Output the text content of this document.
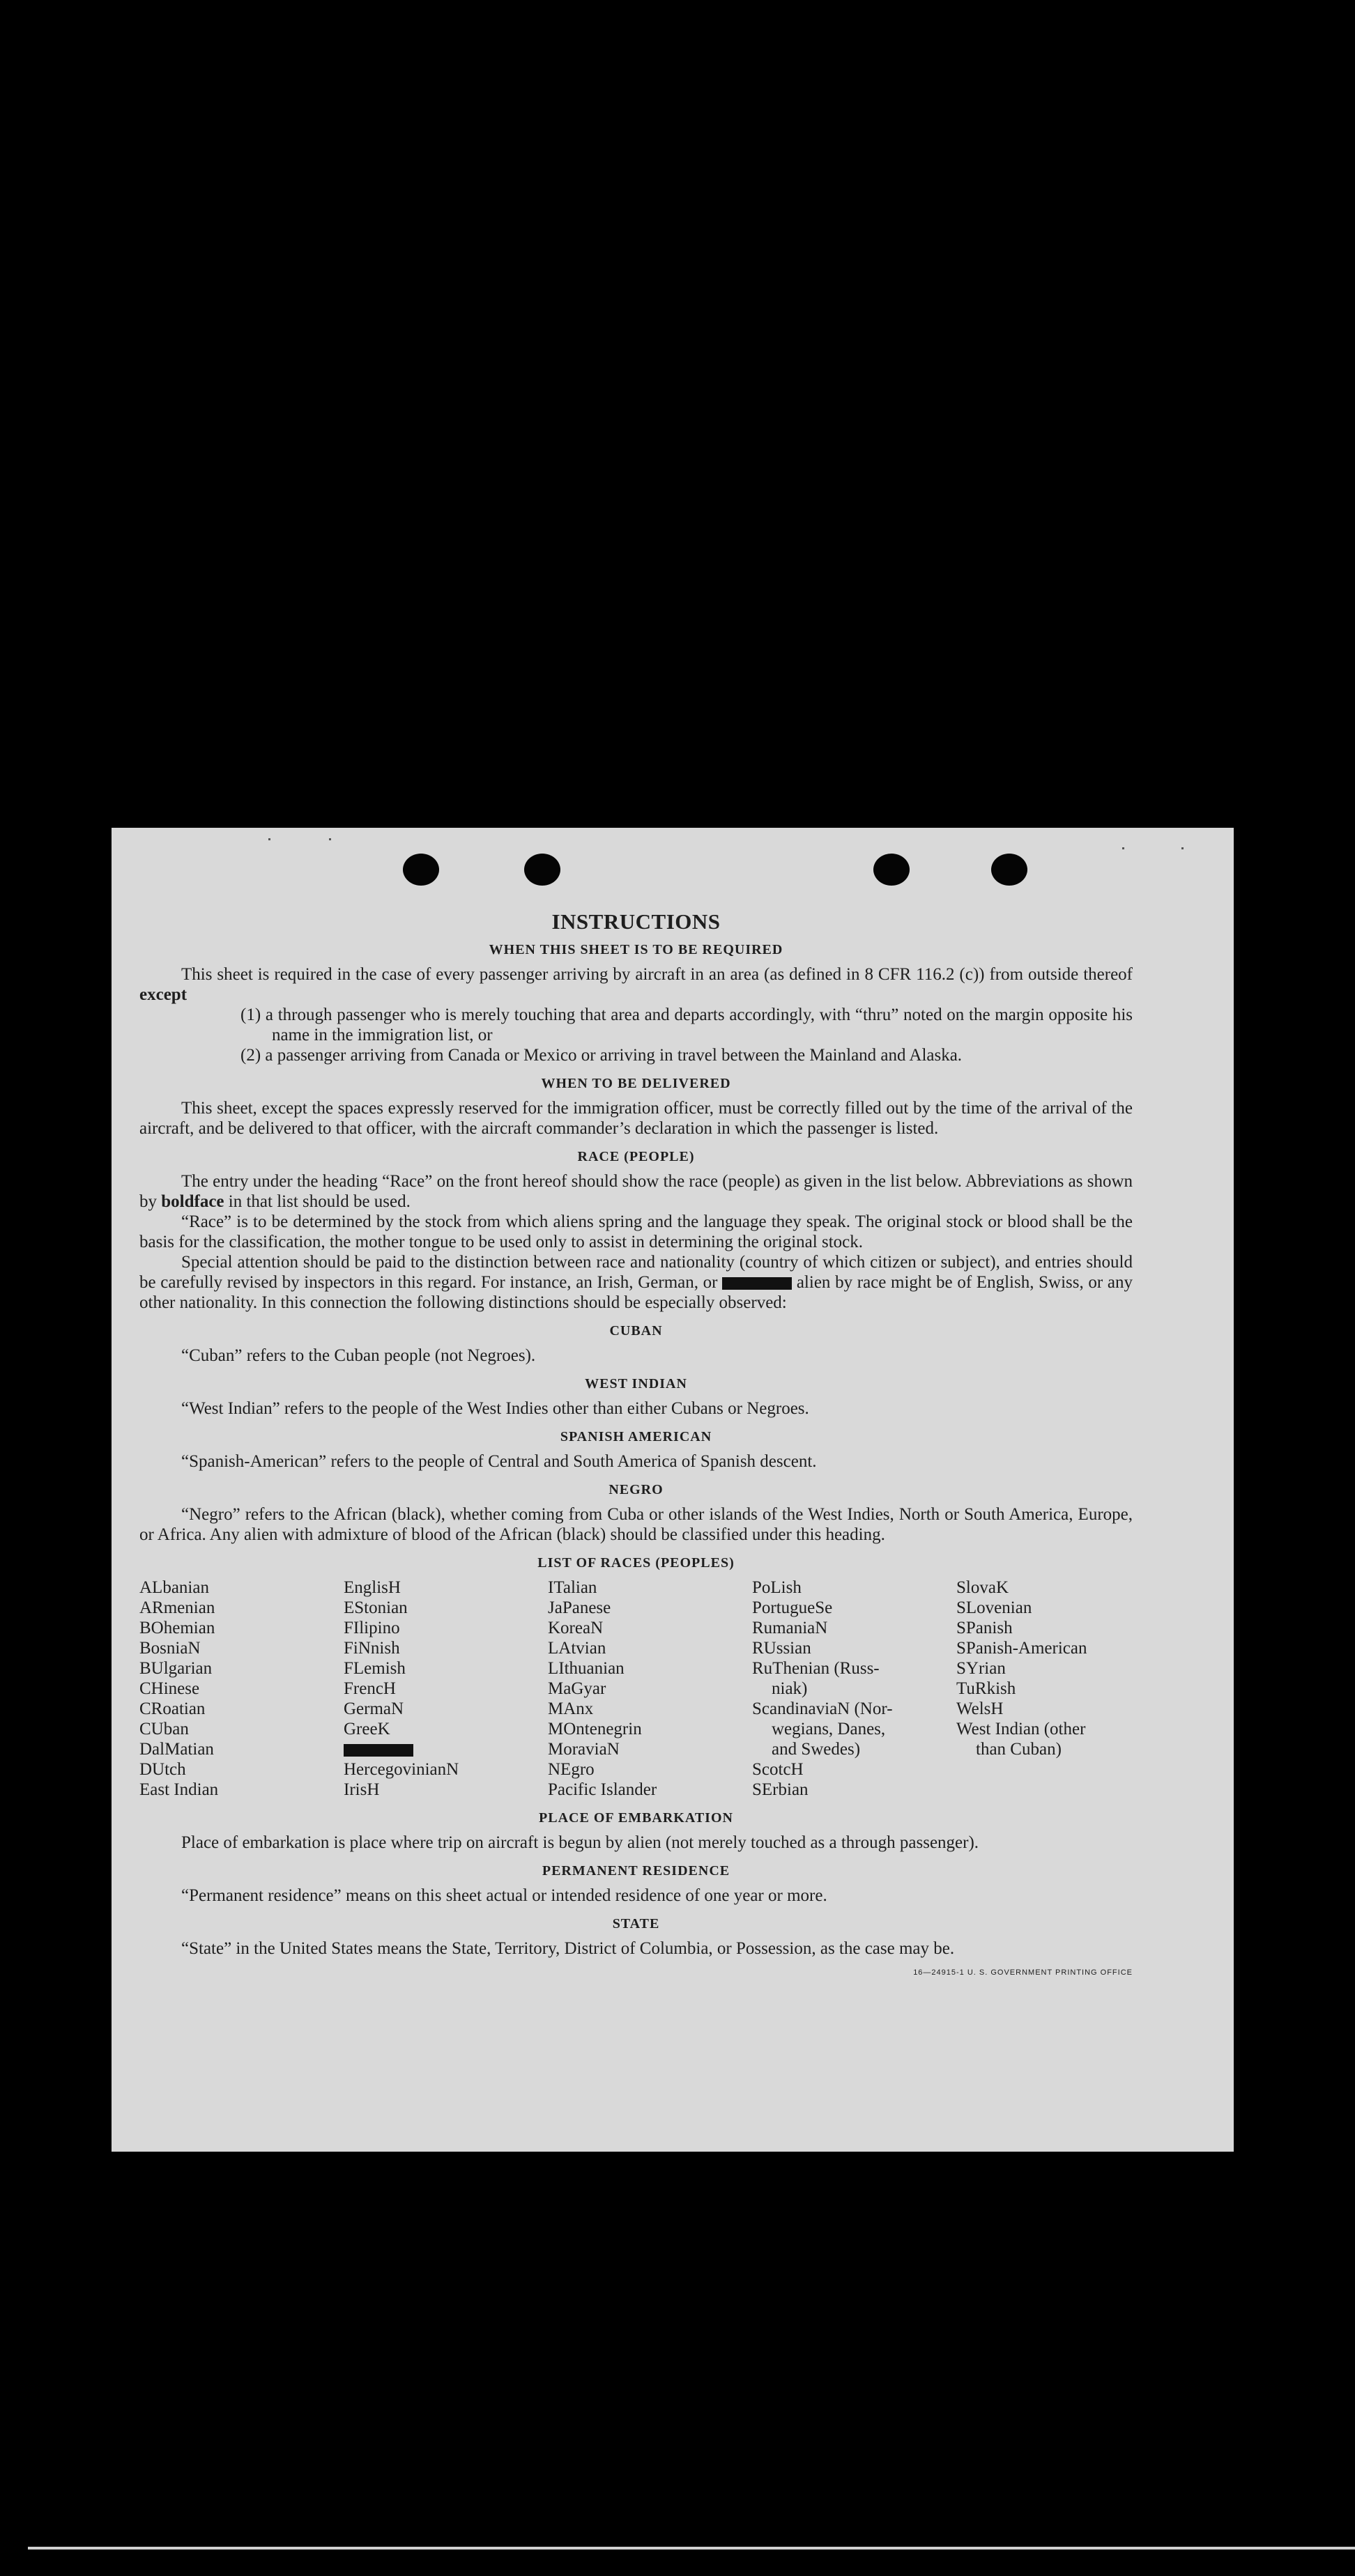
INSTRUCTIONS
WHEN THIS SHEET IS TO BE REQUIRED

This sheet is required in the case of every passenger arriving by aircraft in an area (as defined in 8 CFR 116.2 (c)) from outside thereof except

(1) a through passenger who is merely touching that area and departs accordingly, with “thru” noted on the margin opposite his name in the immigration list, or

(2) a passenger arriving from Canada or Mexico or arriving in travel between the Mainland and Alaska.

WHEN TO BE DELIVERED

This sheet, except the spaces expressly reserved for the immigration officer, must be correctly filled out by the time of the arrival of the aircraft, and be delivered to that officer, with the aircraft commander’s declaration in which the passenger is listed.

RACE (PEOPLE)

The entry under the heading “Race” on the front hereof should show the race (people) as given in the list below. Abbreviations as shown by boldface in that list should be used.

“Race” is to be determined by the stock from which aliens spring and the language they speak. The original stock or blood shall be the basis for the classification, the mother tongue to be used only to assist in determining the original stock.

Special attention should be paid to the distinction between race and nationality (country of which citizen or subject), and entries should be carefully revised by inspectors in this regard. For instance, an Irish, German, or	alien by race might be of English, Swiss, or any other nationality. In this connection the following distinctions should be especially observed:

CUBAN

“Cuban” refers to the Cuban people (not Negroes).

WEST INDIAN

“West Indian” refers to the people of the West Indies other than either Cubans or Negroes.

SPANISH AMERICAN

“Spanish-American” refers to the people of Central and South America of Spanish descent.

NEGRO

“Negro” refers to the African (black), whether coming from Cuba or other islands of the West Indies, North or South America, Europe, or Africa. Any alien with admixture of blood of the African (black) should be classified under this heading.

LIST OF RACES (PEOPLES)
ALbanian
ARmenian
BOhemian
BosniaN
BUlgarian
CHinese
CRoatian
CUban
DalMatian
DUtch
East Indian
EnglisH
EStonian
FIlipino
FiNnish
FLemish
FrencH
GermaN
GreeK
HercegovinianN
IrisH
ITalian
JaPanese
KoreaN
LAtvian
LIthuanian
MaGyar
MAnx
MOntenegrin
MoraviaN
NEgro
Pacific Islander
PoLish
PortugueSe
RumaniaN
RUssian
RuThenian (Russ-
niak)
ScandinaviaN (Nor-
wegians, Danes,
and Swedes)
ScotcH
SErbian
SlovaK
SLovenian
SPanish
SPanish-American
SYrian
TuRkish
WelsH
West Indian (other
than Cuban)
PLACE OF EMBARKATION

Place of embarkation is place where trip on aircraft is begun by alien (not merely touched as a through passenger).

PERMANENT RESIDENCE

“Permanent residence” means on this sheet actual or intended residence of one year or more.

STATE

“State” in the United States means the State, Territory, District of Columbia, or Possession, as the case may be.

16—24915-1 U. S. GOVERNMENT PRINTING OFFICE
